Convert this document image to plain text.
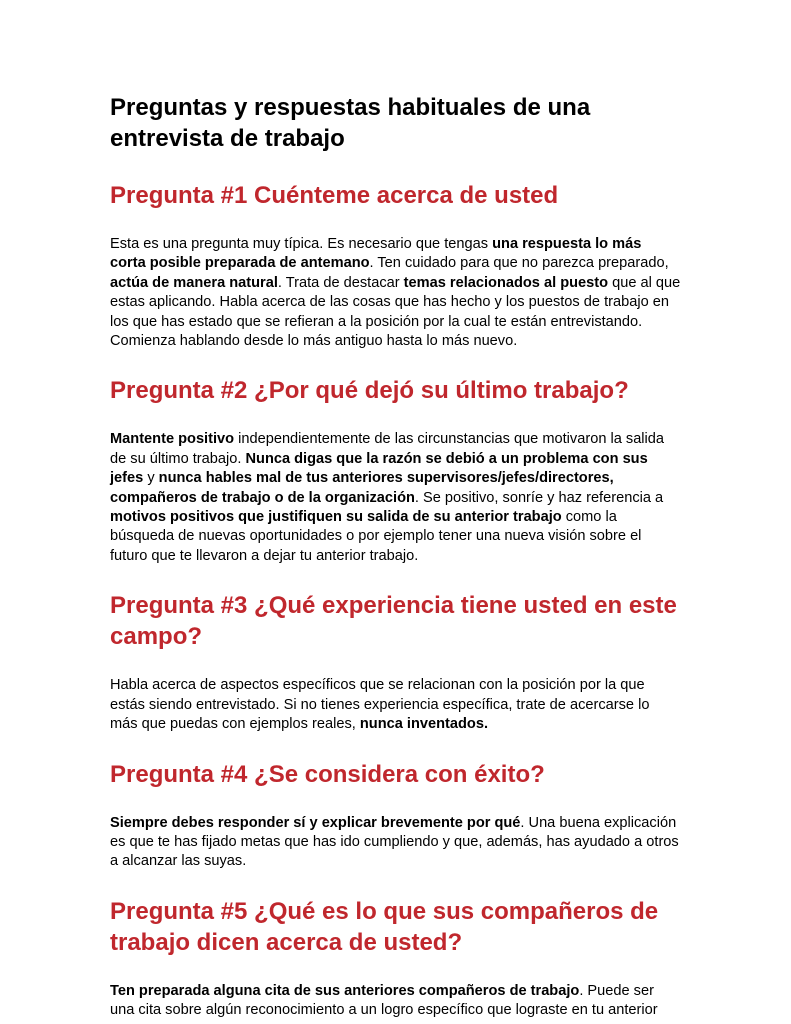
Preguntas y respuestas habituales de una entrevista de trabajo
Pregunta #1 Cuénteme acerca de usted

Esta es una pregunta muy típica. Es necesario que tengas una respuesta lo más corta posible preparada de antemano. Ten cuidado para que no parezca preparado, actúa de manera natural. Trata de destacar temas relacionados al puesto que al que estas aplicando. Habla acerca de las cosas que has hecho y los puestos de trabajo en los que has estado que se refieran a la posición por la cual te están entrevistando. Comienza hablando desde lo más antiguo hasta lo más nuevo.

Pregunta #2 ¿Por qué dejó su último trabajo?

Mantente positivo independientemente de las circunstancias que motivaron la salida de su último trabajo. Nunca digas que la razón se debió a un problema con sus jefes y nunca hables mal de tus anteriores supervisores/jefes/directores, compañeros de trabajo o de la organización. Se positivo, sonríe y haz referencia a motivos positivos que justifiquen su salida de su anterior trabajo como la búsqueda de nuevas oportunidades o por ejemplo tener una nueva visión sobre el futuro que te llevaron a dejar tu anterior trabajo.

Pregunta #3 ¿Qué experiencia tiene usted en este campo?

Habla acerca de aspectos específicos que se relacionan con la posición por la que estás siendo entrevistado. Si no tienes experiencia específica, trate de acercarse lo más que puedas con ejemplos reales, nunca inventados.

Pregunta #4 ¿Se considera con éxito?

Siempre debes responder sí y explicar brevemente por qué. Una buena explicación es que te has fijado metas que has ido cumpliendo y que, además, has ayudado a otros a alcanzar las suyas.

Pregunta #5 ¿Qué es lo que sus compañeros de trabajo dicen acerca de usted?

Ten preparada alguna cita de sus anteriores compañeros de trabajo. Puede ser una cita sobre algún reconocimiento a un logro específico que lograste en tu anterior
